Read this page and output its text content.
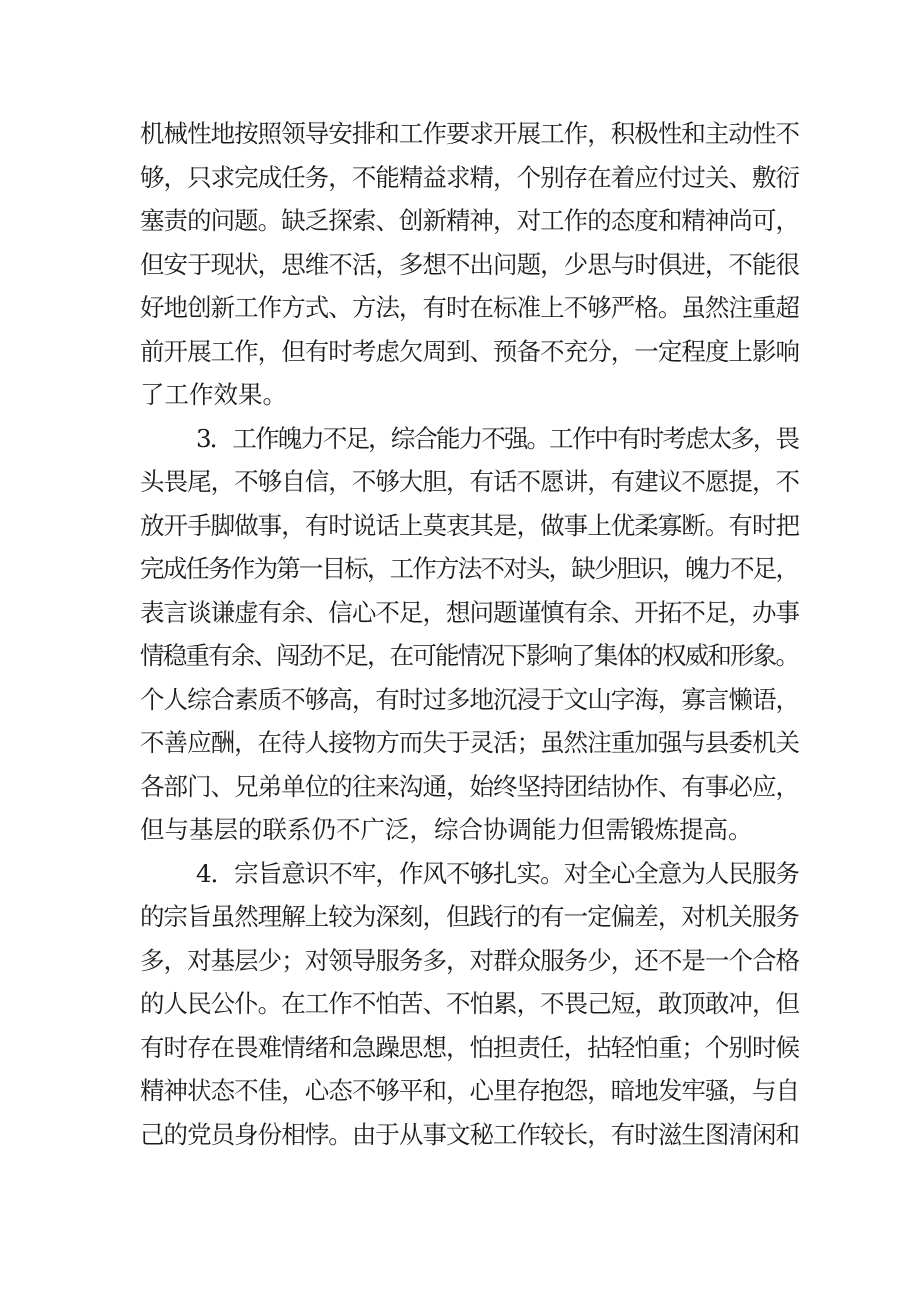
机械性地按照领导安排和工作要求开展工作，积极性和主动性不
够，只求完成任务，不能精益求精，个别存在着应付过关、敷衍
塞责的问题。缺乏探索、创新精神，对工作的态度和精神尚可，
但安于现状，思维不活，多想不出问题，少思与时俱进，不能很
好地创新工作方式、方法，有时在标准上不够严格。虽然注重超
前开展工作，但有时考虑欠周到、预备不充分，一定程度上影响
了工作效果。
3．工作魄力不足，综合能力不强。工作中有时考虑太多，畏
头畏尾，不够自信，不够大胆，有话不愿讲，有建议不愿提，不
放开手脚做事，有时说话上莫衷其是，做事上优柔寡断。有时把
完成任务作为第一目标，工作方法不对头，缺少胆识，魄力不足，
表言谈谦虚有余、信心不足，想问题谨慎有余、开拓不足，办事
情稳重有余、闯劲不足，在可能情况下影响了集体的权威和形象。
个人综合素质不够高，有时过多地沉浸于文山字海，寡言懒语，
不善应酬，在待人接物方而失于灵活；虽然注重加强与县委机关
各部门、兄弟单位的往来沟通，始终坚持团结协作、有事必应，
但与基层的联系仍不广泛，综合协调能力但需锻炼提高。
4．宗旨意识不牢，作风不够扎实。对全心全意为人民服务
的宗旨虽然理解上较为深刻，但践行的有一定偏差，对机关服务
多，对基层少；对领导服务多，对群众服务少，还不是一个合格
的人民公仆。在工作不怕苦、不怕累，不畏己短，敢顶敢冲，但
有时存在畏难情绪和急躁思想，怕担责任，拈轻怕重；个别时候
精神状态不佳，心态不够平和，心里存抱怨，暗地发牢骚，与自
己的党员身份相悖。由于从事文秘工作较长，有时滋生图清闲和
